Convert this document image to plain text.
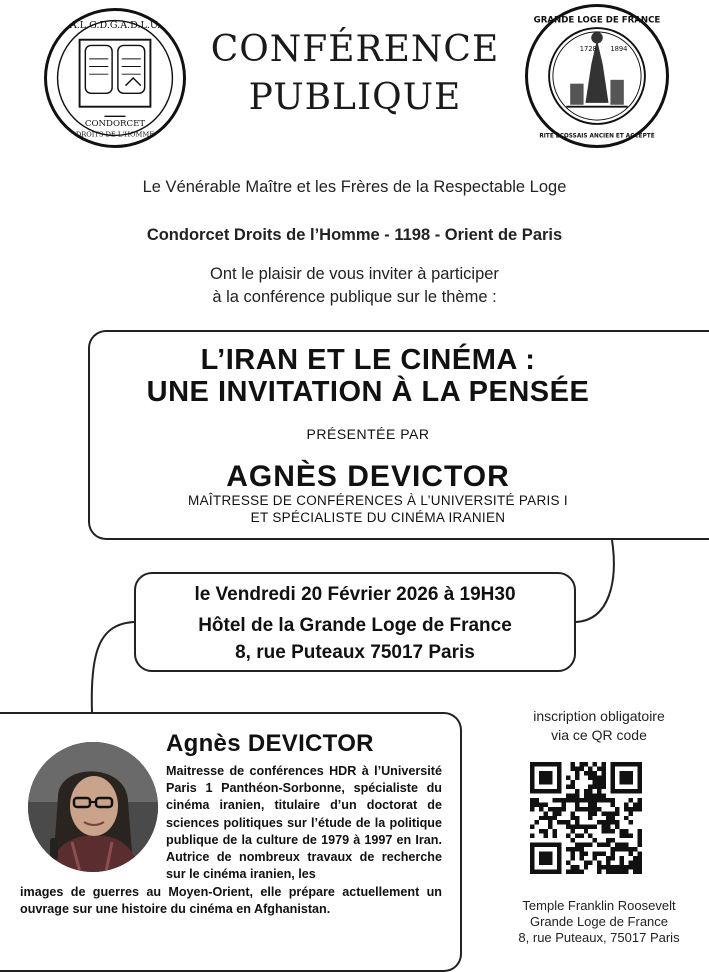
A.L.G.D.G.A.D.L.U.
CONDORCET
DROITS DE L'HOMME
CONFÉRENCE
PUBLIQUE
1728 1894
GRANDE LOGE DE FRANCE
RITE ÉCOSSAIS ANCIEN ET ACCEPTÉ
Le Vénérable Maître et les Frères de la Respectable Loge
Condorcet Droits de l’Homme - 1198 - Orient de Paris
Ont le plaisir de vous inviter à participer
à la conférence publique sur le thème :
L’IRAN ET LE CINÉMA :
UNE INVITATION À LA PENSÉE
PRÉSENTÉE PAR
AGNÈS DEVICTOR
MAÎTRESSE DE CONFÉRENCES À L’UNIVERSITÉ PARIS I
ET SPÉCIALISTE DU CINÉMA IRANIEN
le Vendredi 20 Février 2026 à 19H30
Hôtel de la Grande Loge de France
8, rue Puteaux 75017 Paris
Agnès DEVICTOR
Maitresse de conférences HDR à l’Université Paris 1 Panthéon-Sorbonne, spécialiste du cinéma iranien, titulaire d’un doctorat de sciences politiques sur l’étude de la politique publique de la culture de 1979 à 1997 en Iran. Autrice de nombreux travaux de recherche sur le cinéma iranien, les
images de guerres au Moyen-Orient, elle prépare actuellement un ouvrage sur une histoire du cinéma en Afghanistan.
inscription obligatoire
via ce QR code
Temple Franklin Roosevelt
Grande Loge de France
8, rue Puteaux, 75017 Paris
